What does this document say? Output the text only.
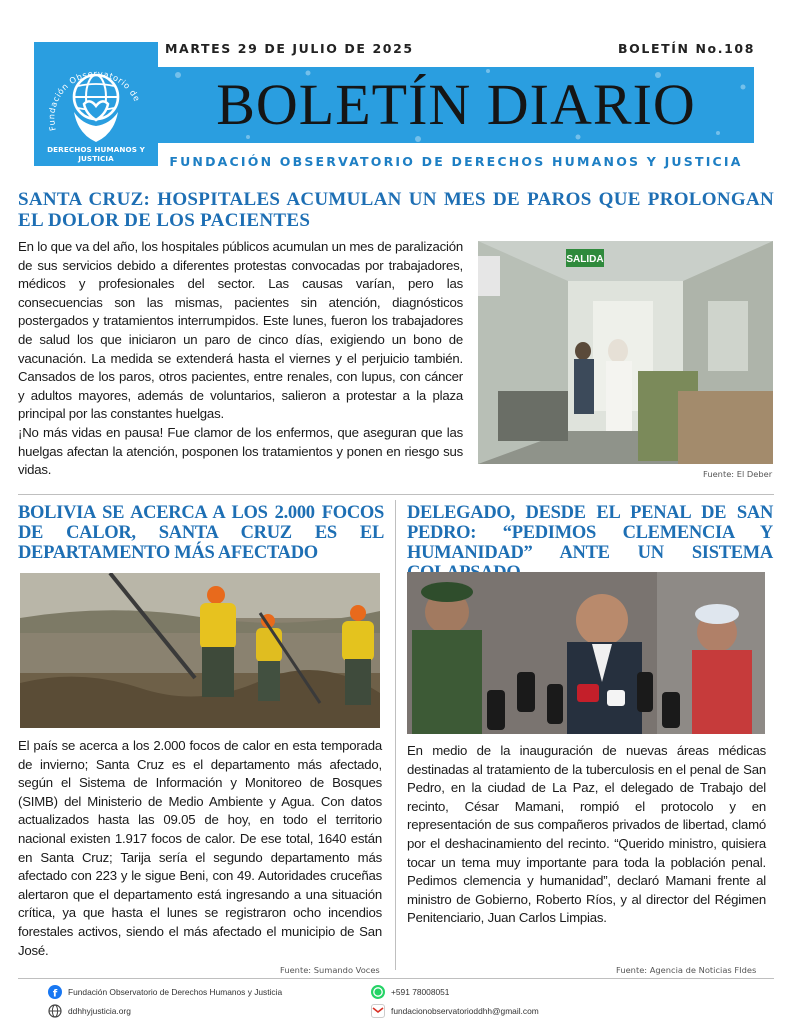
Fundación Observatorio de
DERECHOS HUMANOS Y JUSTICIA
MARTES 29 DE JULIO DE 2025	BOLETÍN No.108
BOLETÍN DIARIO
FUNDACIÓN OBSERVATORIO DE DERECHOS HUMANOS Y JUSTICIA
SANTA CRUZ: HOSPITALES ACUMULAN UN MES DE PAROS QUE PROLONGAN EL DOLOR DE LOS PACIENTES

En lo que va del año, los hospitales públicos acumulan un mes de paralización de sus servicios debido a diferentes protestas convocadas por trabajadores, médicos y profesionales del sector. Las causas varían, pero las consecuencias son las mismas, pacientes sin atención, diagnósticos postergados y tratamientos interrumpidos. Este lunes, fueron los trabajadores de salud los que iniciaron un paro de cinco días, exigiendo un bono de vacunación. La medida se extenderá hasta el viernes y el perjuicio también. Cansados de los paros, otros pacientes, entre renales, con lupus, con cáncer y adultos mayores, además de voluntarios, salieron a protestar a la plaza principal por las constantes huelgas.

¡No más vidas en pausa! Fue clamor de los enfermos, que aseguran que las huelgas afectan la atención, posponen los tratamientos y ponen en riesgo sus vidas.

SALIDA
Fuente: El Deber
BOLIVIA SE ACERCA A LOS 2.000 FOCOS DE CALOR, SANTA CRUZ ES EL DEPARTAMENTO MÁS AFECTADO
El país se acerca a los 2.000 focos de calor en esta temporada de invierno; Santa Cruz es el departamento más afectado, según el Sistema de Información y Monitoreo de Bosques (SIMB) del Ministerio de Medio Ambiente y Agua. Con datos actualizados hasta las 09.05 de hoy, en todo el territorio nacional existen 1.917 focos de calor. De ese total, 1640 están en Santa Cruz; Tarija sería el segundo departamento más afectado con 223 y le sigue Beni, con 49. Autoridades cruceñas alertaron que el departamento está ingresando a una situación crítica, ya que hasta el lunes se registraron ocho incendios forestales activos, siendo el más afectado el municipio de San José.
Fuente: Sumando Voces
DELEGADO, DESDE EL PENAL DE SAN PEDRO: “PEDIMOS CLEMENCIA Y HUMANIDAD” ANTE UN SISTEMA
En medio de la inauguración de nuevas áreas médicas destinadas al tratamiento de la tuberculosis en el penal de San Pedro, en la ciudad de La Paz, el delegado de Trabajo del recinto, César Mamani, rompió el protocolo y en representación de sus compañeros privados de libertad, clamó por el deshacinamiento del recinto. “Querido ministro, quisiera tocar un tema muy importante para toda la población penal. Pedimos clemencia y humanidad”, declaró Mamani frente al ministro de Gobierno, Roberto Ríos, y al director del Régimen Penitenciario, Juan Carlos Limpias.
Fuente: Agencia de Noticias FIdes
f Fundación Observatorio de Derechos Humanos y Justicia
ddhhyjusticia.org
+591 78008051
fundacionobservatorioddhh@gmail.com
